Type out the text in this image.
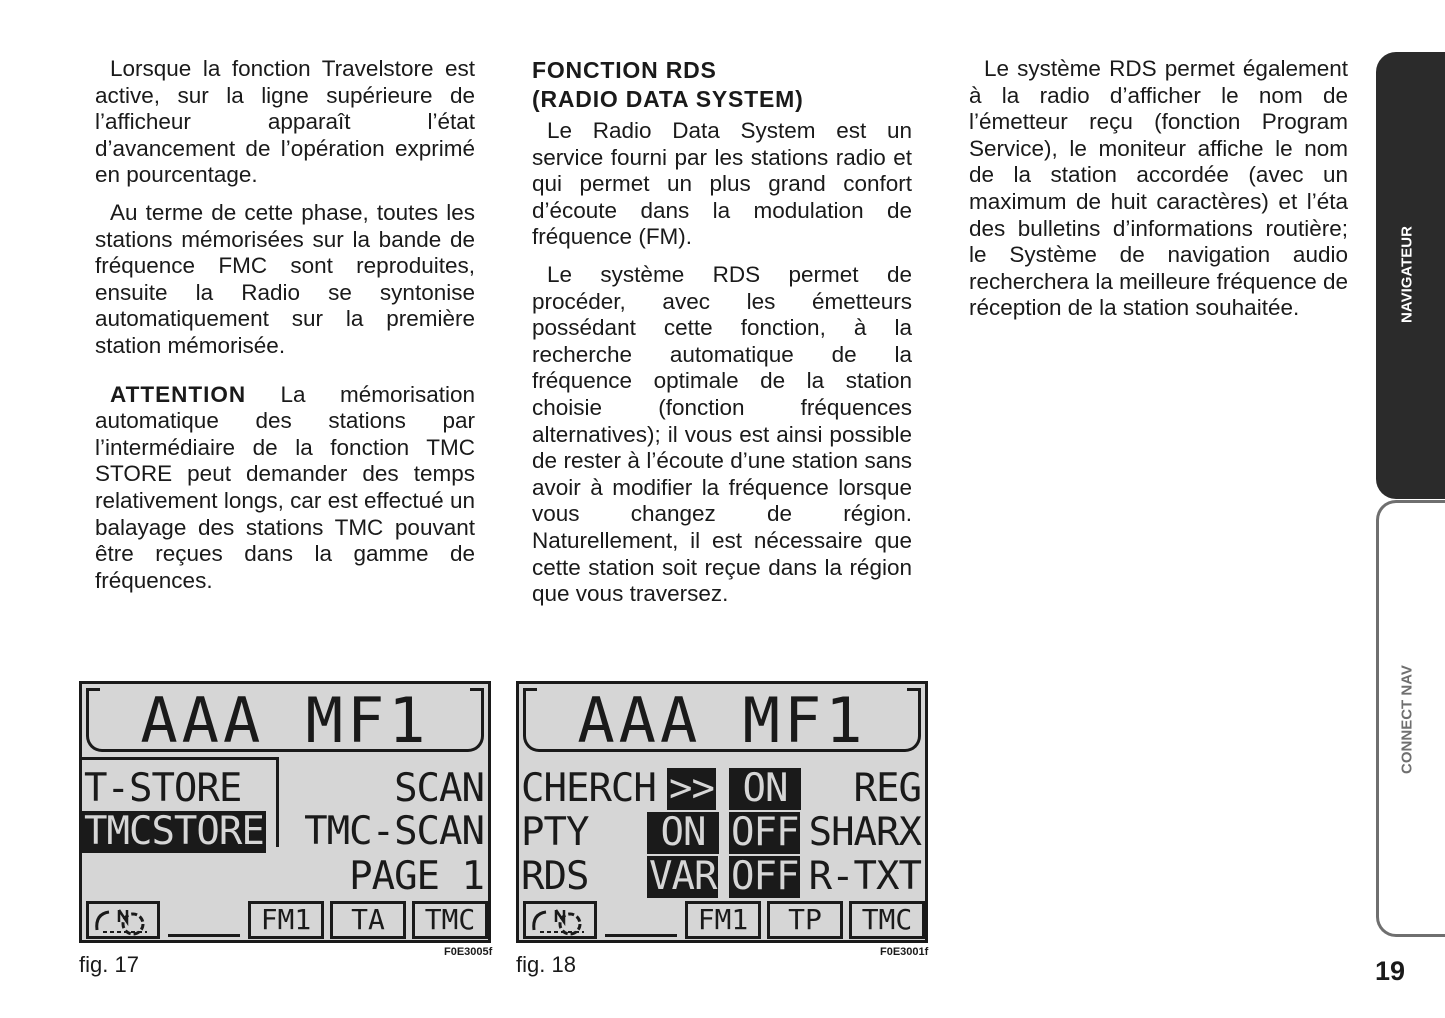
Lorsque la fonction Travelstore est active, sur la ligne supérieure de l’afficheur apparaît l’état d’avancement de l’opération exprimé en pourcentage.

Au terme de cette phase, toutes les stations mémorisées sur la bande de fréquence FMC sont reproduites, ensuite la Radio se syntonise automatiquement sur la première station mémorisée.

ATTENTION La mémorisation automatique des stations par l’intermédiaire de la fonction TMC STORE peut demander des temps relativement longs, car est effectué un balayage des stations TMC pouvant être reçues dans la gamme de fréquences.

FONCTION RDS
(RADIO DATA SYSTEM)

Le Radio Data System est un service fourni par les stations radio et qui permet un plus grand confort d’écoute dans la modulation de fréquence (FM).

Le système RDS permet de procéder, avec les émetteurs possédant cette fonction, à la recherche automatique de la fréquence optimale de la station choisie (fonction fréquences alternatives); il vous est ainsi possible de rester à l’écoute d’une station sans avoir à modifier la fréquence lorsque vous changez de région. Naturellement, il est nécessaire que cette station soit reçue dans la région que vous traversez.

Le système RDS permet également à la radio d’afficher le nom de l’émetteur reçu (fonction Program Service), le moniteur affiche le nom de la station accordée (avec un maximum de huit caractères) et l’éta des bulletins d’informations routière; le Système de navigation audio recherchera la meilleure fréquence de réception de la station souhaitée.	NAVIGATEUR
CONNECT NAV
19
AAA MF1
T-STORE	SCAN
TMCSTORE TMC-SCAN
PAGE 1
FM1	TA	TMC
fig. 17	F0E3005f
AAA MF1
CHERCH >> ON	REG
PTY	ON OFF SHARX
RDS VAR OFF R-TXT
FM1	TP	TMC
fig. 18	F0E3001f
